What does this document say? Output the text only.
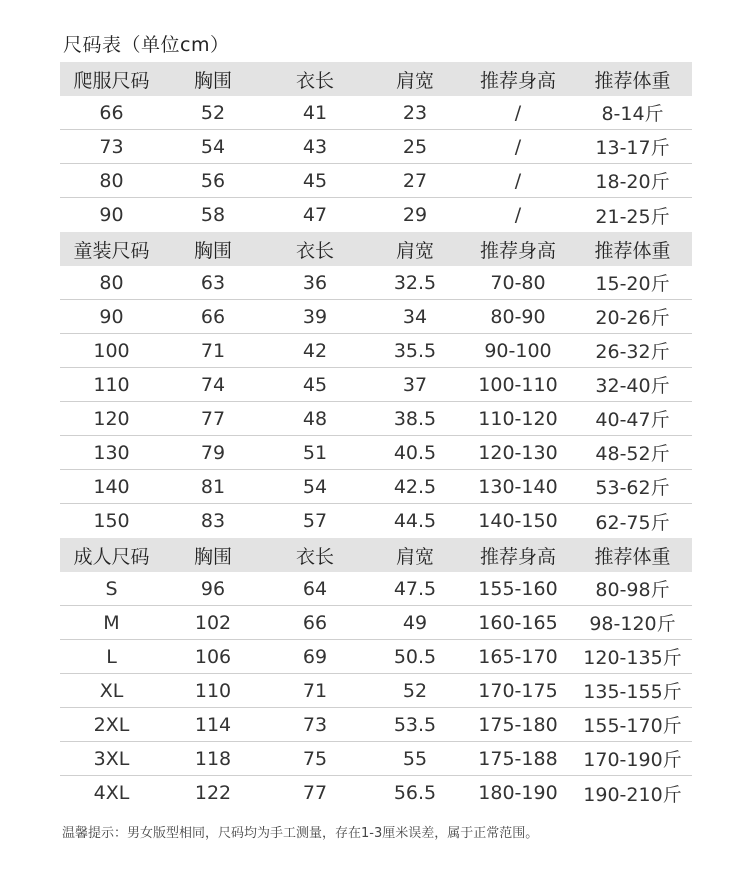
尺码表（单位cm）
爬服尺码	胸围	衣长	肩宽	推荐身高	推荐体重
66	52	41	23	/	8-14斤
73	54	43	25	/	13-17斤
80	56	45	27	/	18-20斤
90	58	47	29	/	21-25斤
童装尺码	胸围	衣长	肩宽	推荐身高	推荐体重
80	63	36	32.5	70-80	15-20斤
90	66	39	34	80-90	20-26斤
100	71	42	35.5	90-100	26-32斤
110	74	45	37	100-110	32-40斤
120	77	48	38.5	110-120	40-47斤
130	79	51	40.5	120-130	48-52斤
140	81	54	42.5	130-140	53-62斤
150	83	57	44.5	140-150	62-75斤
成人尺码	胸围	衣长	肩宽	推荐身高	推荐体重
S	96	64	47.5	155-160	80-98斤
M	102	66	49	160-165	98-120斤
L	106	69	50.5	165-170	120-135斤
XL	110	71	52	170-175	135-155斤
2XL	114	73	53.5	175-180	155-170斤
3XL	118	75	55	175-188	170-190斤
4XL	122	77	56.5	180-190	190-210斤
温馨提示：男女版型相同，尺码均为手工测量，存在1-3厘米误差，属于正常范围。
